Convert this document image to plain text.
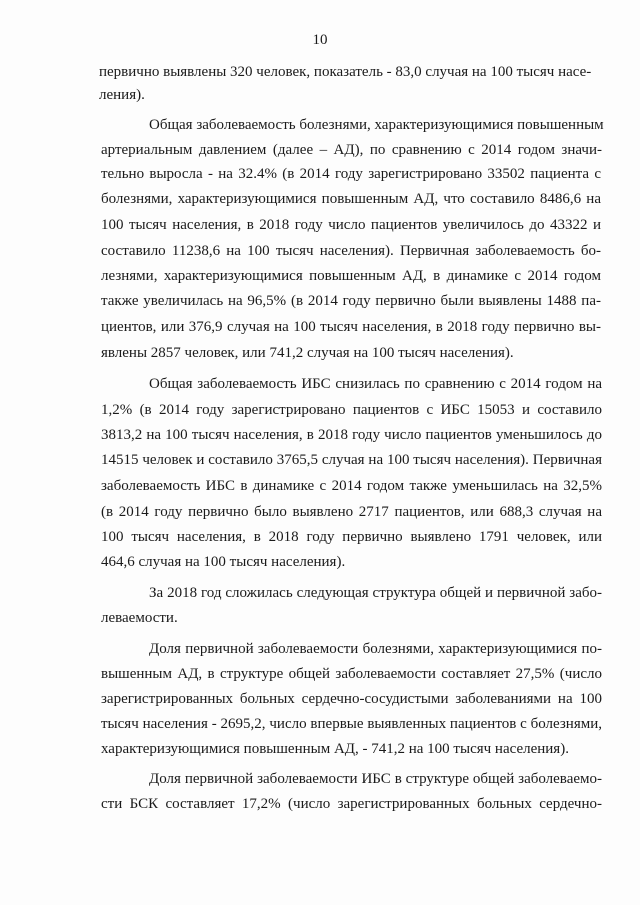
10
первично выявлены 320 человек, показатель - 83,0 случая на 100 тысяч насе-
ления).
Общая заболеваемость болезнями, характеризующимися повышенным
артериальным давлением (далее – АД), по сравнению с 2014 годом значи-
тельно выросла - на 32.4% (в 2014 году зарегистрировано 33502 пациента с
болезнями, характеризующимися повышенным АД, что составило 8486,6 на
100 тысяч населения, в 2018 году число пациентов увеличилось до 43322 и
составило 11238,6 на 100 тысяч населения). Первичная заболеваемость бо-
лезнями, характеризующимися повышенным АД, в динамике с 2014 годом
также увеличилась на 96,5% (в 2014 году первично были выявлены 1488 па-
циентов, или 376,9 случая на 100 тысяч населения, в 2018 году первично вы-
явлены 2857 человек, или 741,2 случая на 100 тысяч населения).
Общая заболеваемость ИБС снизилась по сравнению с 2014 годом на
1,2% (в 2014 году зарегистрировано пациентов с ИБС 15053 и составило
3813,2 на 100 тысяч населения, в 2018 году число пациентов уменьшилось до
14515 человек и составило 3765,5 случая на 100 тысяч населения). Первичная
заболеваемость ИБС в динамике с 2014 годом также уменьшилась на 32,5%
(в 2014 году первично было выявлено 2717 пациентов, или 688,3 случая на
100 тысяч населения, в 2018 году первично выявлено 1791 человек, или
464,6 случая на 100 тысяч населения).
За 2018 год сложилась следующая структура общей и первичной забо-
леваемости.
Доля первичной заболеваемости болезнями, характеризующимися по-
вышенным АД, в структуре общей заболеваемости составляет 27,5% (число
зарегистрированных больных сердечно-сосудистыми заболеваниями на 100
тысяч населения - 2695,2, число впервые выявленных пациентов с болезнями,
характеризующимися повышенным АД, - 741,2 на 100 тысяч населения).
Доля первичной заболеваемости ИБС в структуре общей заболеваемо-
сти БСК составляет 17,2% (число зарегистрированных больных сердечно-
